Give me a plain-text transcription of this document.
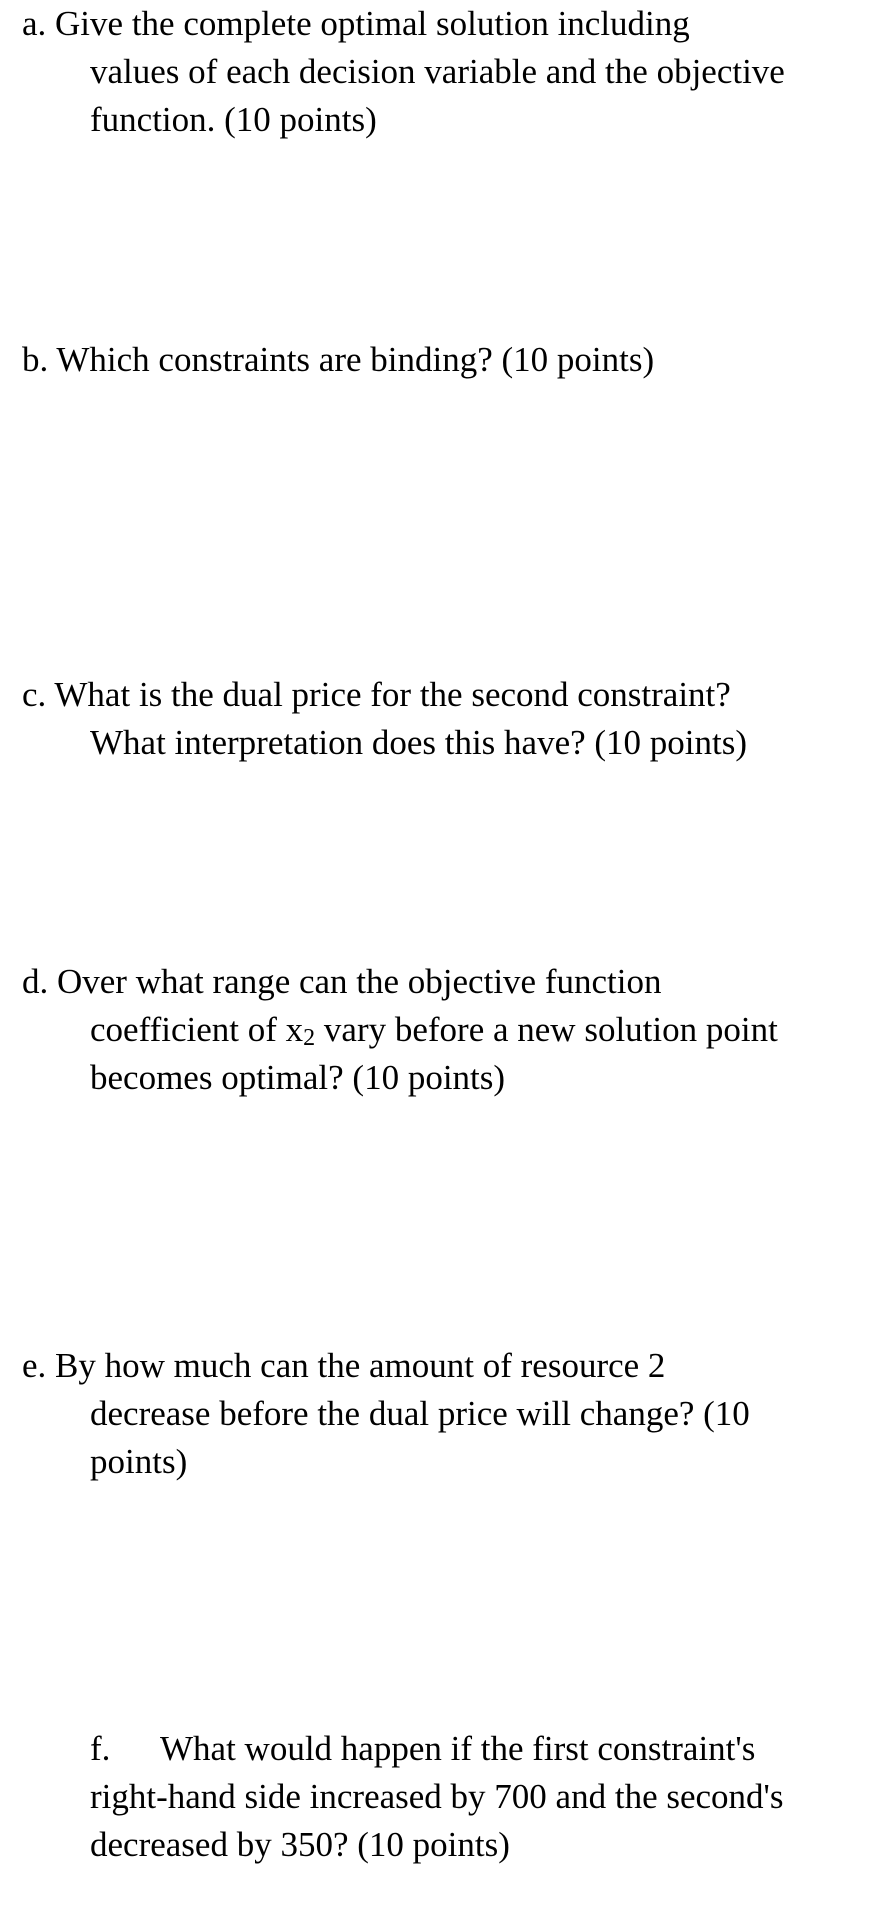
a. Give the complete optimal solution including
values of each decision variable and the objective
function. (10 points)
b. Which constraints are binding? (10 points)
c. What is the dual price for the second constraint?
What interpretation does this have? (10 points)
d. Over what range can the objective function
coefficient of $x_2$ vary before a new solution point
becomes optimal? (10 points)
e. By how much can the amount of resource 2
decrease before the dual price will change? (10
points)
f. What would happen if the first constraint's
right-hand side increased by 700 and the second's
decreased by 350? (10 points)
